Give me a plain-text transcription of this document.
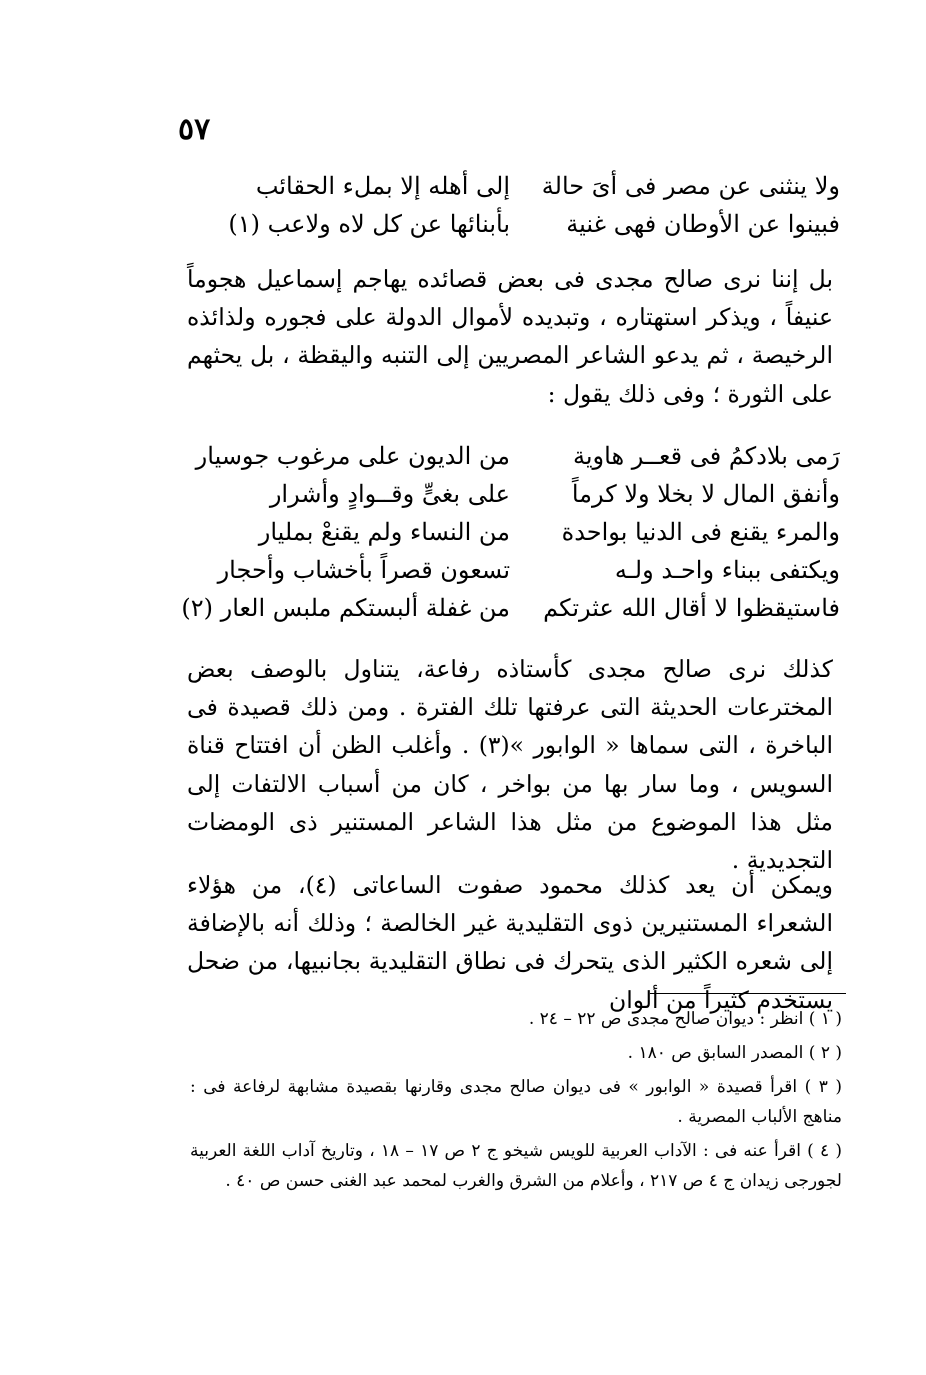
٥٧
ولا ينثنى عن مصر فى أىَ حالة
إلى أهله إلا بملء الحقائب
فبينوا عن الأوطان فهى غنية
بأبنائها عن كل لاه ولاعب (١)

بل إننا نرى صالح مجدى فى بعض قصائده يهاجم إسماعيل هجوماً عنيفاً ، ويذكر استهتاره ، وتبديده لأموال الدولة على فجوره ولذائذه الرخيصة ، ثم يدعو الشاعر المصريين إلى التنبه واليقظة ، بل يحثهم على الثورة ؛ وفى ذلك يقول :

رَمى بلادكمُ فى قعــر هاوية
من الديون على مرغوب جوسيار
وأنفق المال لا بخلا ولا كرماً
على بغىٍّ وقــوادٍ وأشرار
والمرء يقنع فى الدنيا بواحدة
من النساء ولم يقنعْ بمليار
ويكتفى ببناء واحـد ولـه
تسعون قصراً بأخشاب وأحجار
فاستيقظوا لا أقال الله عثرتكم
من غفلة ألبستكم ملبس العار (٢)

كذلك نرى صالح مجدى كأستاذه رفاعة، يتناول بالوصف بعض المخترعات الحديثة التى عرفتها تلك الفترة . ومن ذلك قصيدة فى الباخرة ، التى سماها « الوابور »(٣) . وأغلب الظن أن افتتاح قناة السويس ، وما سار بها من بواخر ، كان من أسباب الالتفات إلى مثل هذا الموضوع من مثل هذا الشاعر المستنير ذى الومضات التجديدية .

ويمكن أن يعد كذلك محمود صفوت الساعاتى (٤)، من هؤلاء الشعراء المستنيرين ذوى التقليدية غير الخالصة ؛ وذلك أنه بالإضافة إلى شعره الكثير الذى يتحرك فى نطاق التقليدية بجانبيها، من ضحل يستخدم كثيراً من ألوان

( ١ ) انظر : ديوان صالح مجدى ص ٢٢ – ٢٤ .

( ٢ ) المصدر السابق ص ١٨٠ .

( ٣ ) اقرأ قصيدة « الوابور » فى ديوان صالح مجدى وقارنها بقصيدة مشابهة لرفاعة فى : مناهج الألباب المصرية .

( ٤ ) اقرأ عنه فى : الآداب العربية للويس شيخو ج ٢ ص ١٧ – ١٨ ، وتاريخ آداب اللغة العربية لجورجى زيدان ج ٤ ص ٢١٧ ، وأعلام من الشرق والغرب لمحمد عبد الغنى حسن ص ٤٠ .
